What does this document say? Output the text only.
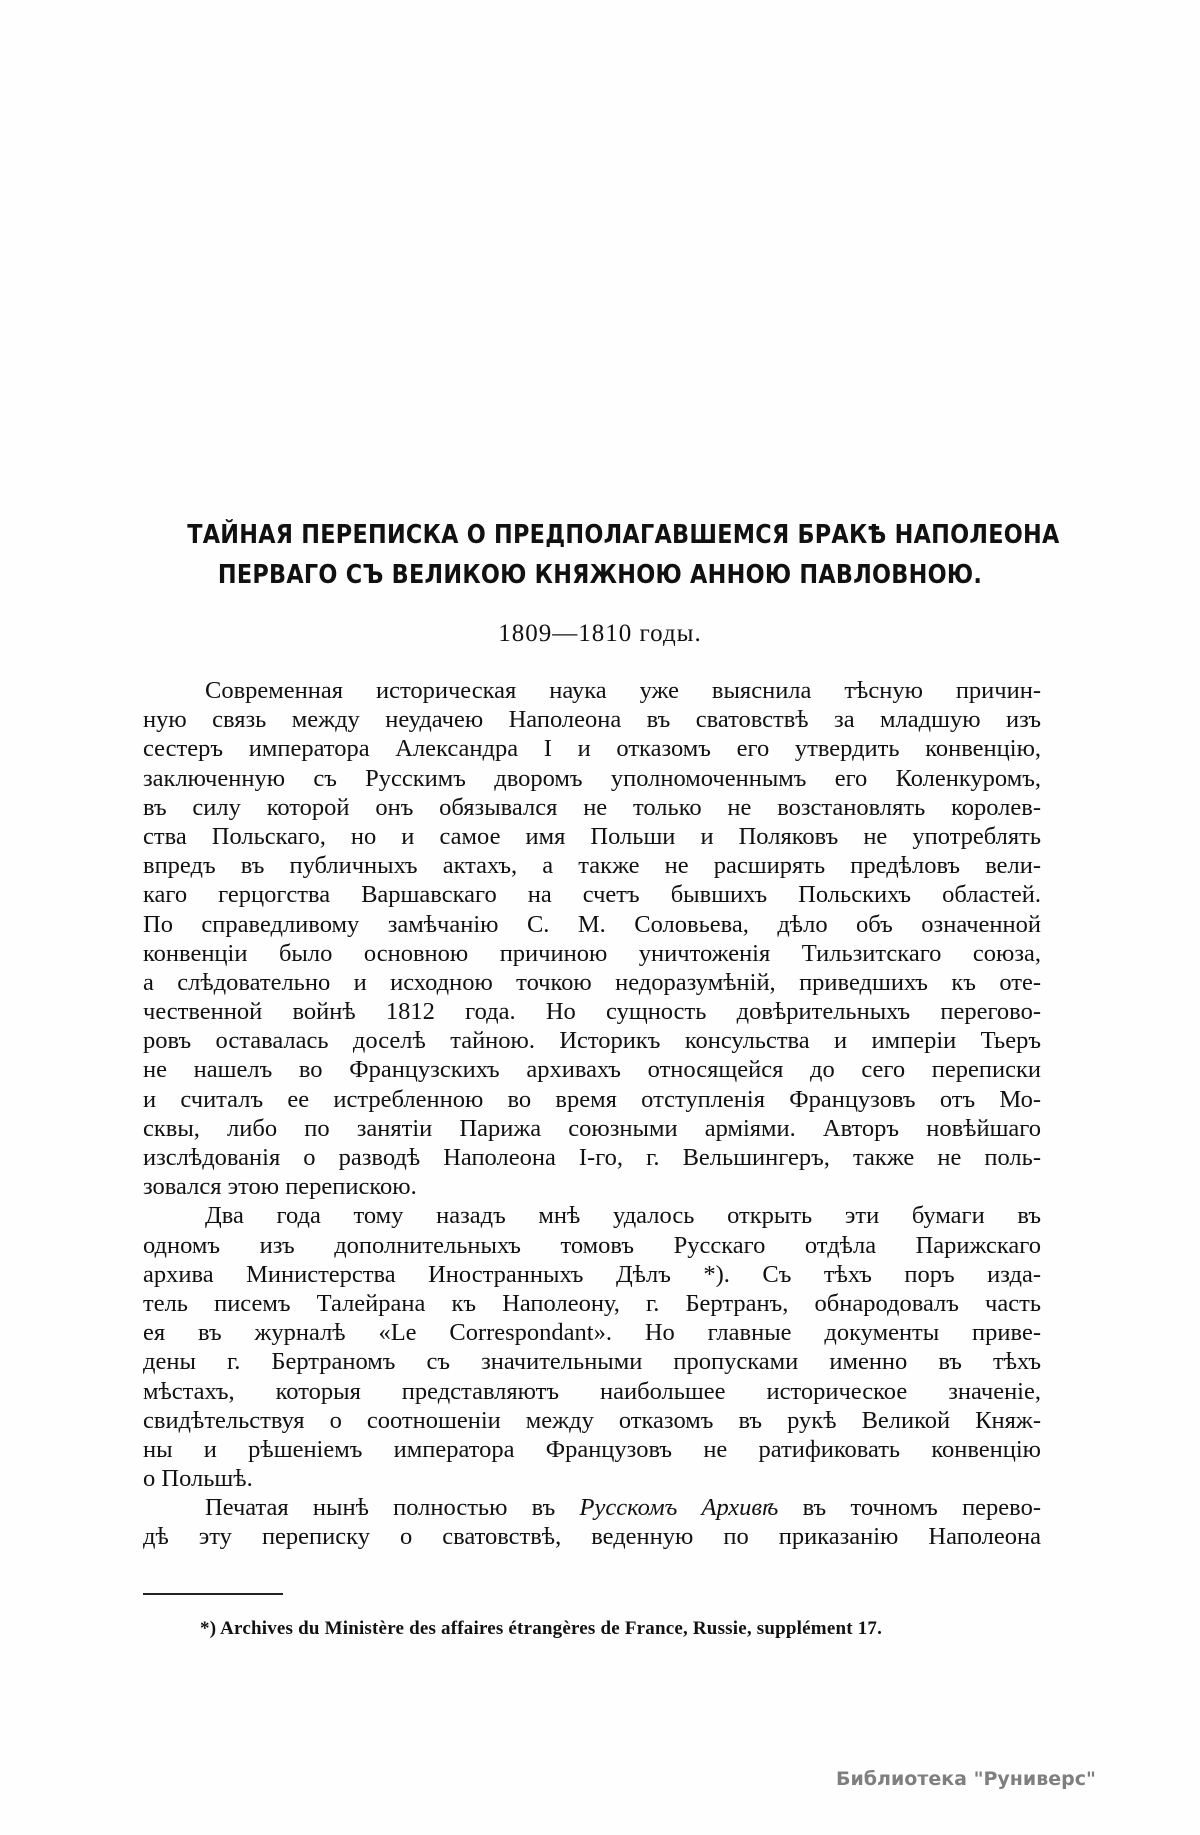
ТАЙНАЯ ПЕРЕПИСКА О ПРЕДПОЛАГАВШЕМСЯ БРАКѢ НАПОЛЕОНА
ПЕРВАГО СЪ ВЕЛИКОЮ КНЯЖНОЮ АННОЮ ПАВЛОВНОЮ.
1809—1810 годы.
Современная историческая наука уже выяснила тѣсную причин-
ную связь между неудачею Наполеона въ сватовствѣ за младшую изъ
сестеръ императора Александра I и отказомъ его утвердить конвенцію,
заключенную съ Русскимъ дворомъ уполномоченнымъ его Коленкуромъ,
въ силу которой онъ обязывался не только не возстановлять королев-
ства Польскаго, но и самое имя Польши и Поляковъ не употреблять
впредъ въ публичныхъ актахъ, а также не расширять предѣловъ вели-
каго герцогства Варшавскаго на счетъ бывшихъ Польскихъ областей.
По справедливому замѣчанію С. М. Соловьева, дѣло объ означенной
конвенціи было основною причиною уничтоженія Тильзитскаго союза,
а слѣдовательно и исходною точкою недоразумѣній, приведшихъ къ оте-
чественной войнѣ 1812 года. Но сущность довѣрительныхъ перегово-
ровъ оставалась доселѣ тайною. Историкъ консульства и имперіи Тьеръ
не нашелъ во Французскихъ архивахъ относящейся до сего переписки
и считалъ ее истребленною во время отступленія Французовъ отъ Мо-
сквы, либо по занятіи Парижа союзными арміями. Авторъ новѣйшаго
изслѣдованія о разводѣ Наполеона I-го, г. Вельшингеръ, также не поль-
зовался этою перепискою.
Два года тому назадъ мнѣ удалось открыть эти бумаги въ
одномъ изъ дополнительныхъ томовъ Русскаго отдѣла Парижскаго
архива Министерства Иностранныхъ Дѣлъ *). Съ тѣхъ поръ изда-
тель писемъ Талейрана къ Наполеону, г. Бертранъ, обнародовалъ часть
ея въ журналѣ «Le Correspondant». Но главные документы приве-
дены г. Бертраномъ съ значительными пропусками именно въ тѣхъ
мѣстахъ, которыя представляютъ наибольшее историческое значеніе,
свидѣтельствуя о соотношеніи между отказомъ въ рукѣ Великой Княж-
ны и рѣшеніемъ императора Французовъ не ратификовать конвенцію
о Польшѣ.
Печатая нынѣ полностью въ Русскомъ Архивѣ въ точномъ перево-
дѣ эту переписку о сватовствѣ, веденную по приказанію Наполеона
*) Archives du Ministère des affaires étrangères de France, Russie, supplément 17.
Библиотека "Руниверс"
